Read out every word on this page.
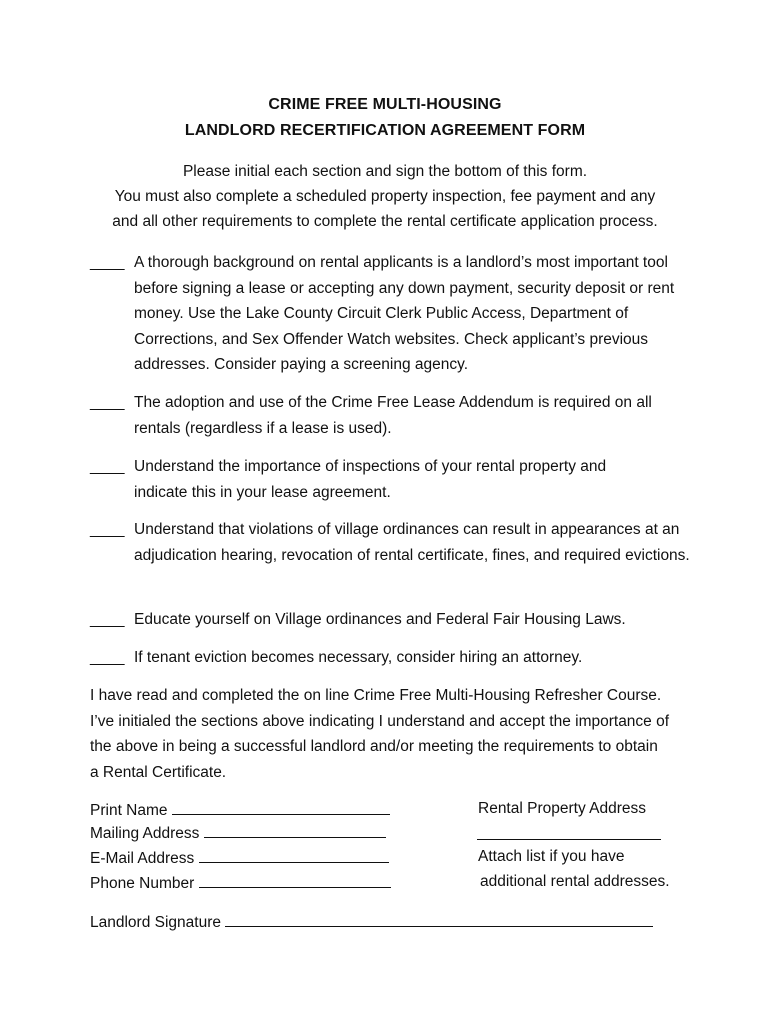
CRIME FREE MULTI-HOUSING
LANDLORD RECERTIFICATION AGREEMENT FORM
Please initial each section and sign the bottom of this form.
You must also complete a scheduled property inspection, fee payment and any
and all other requirements to complete the rental certificate application process.
____ A thorough background on rental applicants is a landlord’s most important tool before signing a lease or accepting any down payment, security deposit or rent money. Use the Lake County Circuit Clerk Public Access, Department of Corrections, and Sex Offender Watch websites. Check applicant’s previous addresses. Consider paying a screening agency.
____ The adoption and use of the Crime Free Lease Addendum is required on all rentals (regardless if a lease is used).
____ Understand the importance of inspections of your rental property and indicate this in your lease agreement.
____ Understand that violations of village ordinances can result in appearances at an adjudication hearing, revocation of rental certificate, fines, and required evictions.
____ Educate yourself on Village ordinances and Federal Fair Housing Laws.
____ If tenant eviction becomes necessary, consider hiring an attorney.
I have read and completed the on line Crime Free Multi-Housing Refresher Course. I’ve initialed the sections above indicating I understand and accept the importance of the above in being a successful landlord and/or meeting the requirements to obtain a Rental Certificate.
Print Name
Mailing Address
E-Mail Address
Phone Number
Rental Property Address
Attach list if you have
additional rental addresses.
Landlord Signature
